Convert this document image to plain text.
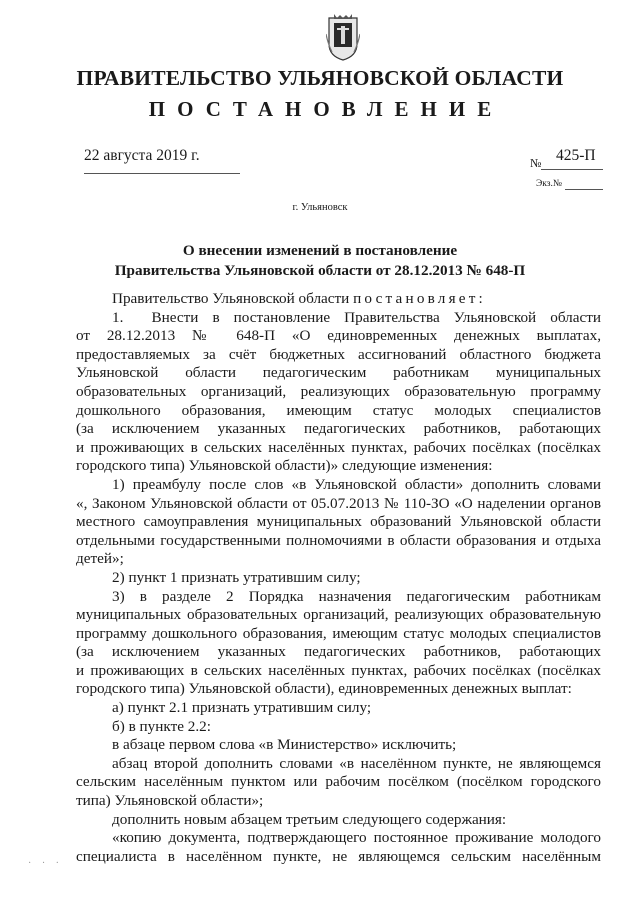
ПРАВИТЕЛЬСТВО УЛЬЯНОВСКОЙ ОБЛАСТИ
ПОСТАНОВЛЕНИЕ
22 августа 2019 г.	№ 425-П
Экз.№
г. Ульяновск
О внесении изменений в постановление
Правительства Ульяновской области от 28.12.2013 № 648-П
Правительство Ульяновской области постановляет:
1.  Внести в постановление Правительства Ульяновской области
от 28.12.2013 № 648-П «О единовременных денежных выплатах,
предоставляемых за счёт бюджетных ассигнований областного бюджета
Ульяновской области педагогическим работникам муниципальных
образовательных организаций, реализующих образовательную программу
дошкольного образования, имеющим статус молодых специалистов
(за исключением указанных педагогических работников, работающих
и проживающих в сельских населённых пунктах, рабочих посёлках (посёлках
городского типа) Ульяновской области)» следующие изменения:
1) преамбулу после слов «в Ульяновской области» дополнить словами
«, Законом Ульяновской области от 05.07.2013 № 110-ЗО «О наделении органов
местного самоуправления муниципальных образований Ульяновской области
отдельными государственными полномочиями в области образования и отдыха
детей»;
2) пункт 1 признать утратившим силу;
3) в разделе 2 Порядка назначения педагогическим работникам
муниципальных образовательных организаций, реализующих образовательную
программу дошкольного образования, имеющим статус молодых специалистов
(за исключением указанных педагогических работников, работающих
и проживающих в сельских населённых пунктах, рабочих посёлках (посёлках
городского типа) Ульяновской области), единовременных денежных выплат:
а) пункт 2.1 признать утратившим силу;
б) в пункте 2.2:
в абзаце первом слова «в Министерство» исключить;
абзац второй дополнить словами «в населённом пункте, не являющемся
сельским населённым пунктом или рабочим посёлком (посёлком городского
типа) Ульяновской области»;
дополнить новым абзацем третьим следующего содержания:
«копию документа, подтверждающего постоянное проживание молодого
специалиста в населённом пункте, не являющемся сельским населённым
· · ·
